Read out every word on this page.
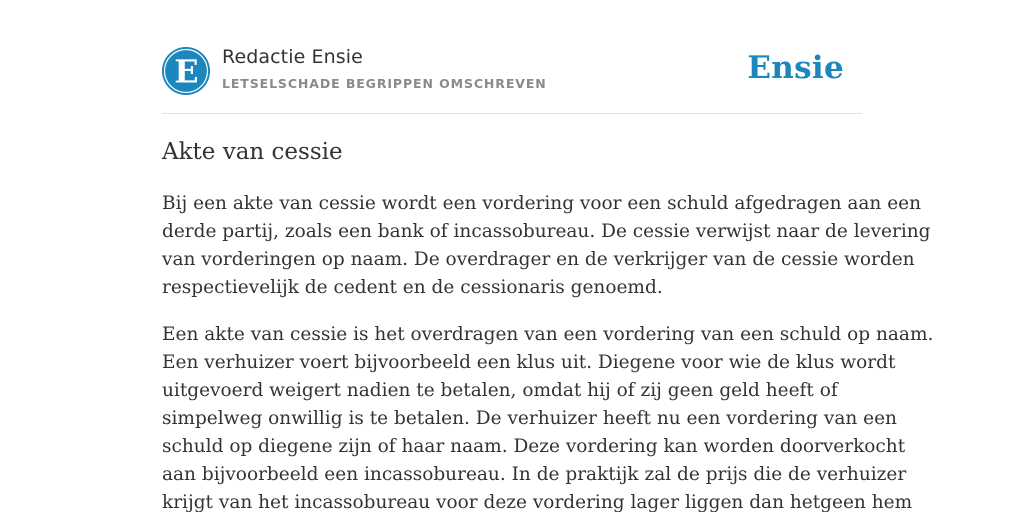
E Redactie Ensie
LETSELSCHADE BEGRIPPEN OMSCHREVEN	Ensie
Akte van cessie

Bij een akte van cessie wordt een vordering voor een schuld afgedragen aan een
derde partij, zoals een bank of incassobureau. De cessie verwijst naar de levering
van vorderingen op naam. De overdrager en de verkrijger van de cessie worden
respectievelijk de cedent en de cessionaris genoemd.

Een akte van cessie is het overdragen van een vordering van een schuld op naam.
Een verhuizer voert bijvoorbeeld een klus uit. Diegene voor wie de klus wordt
uitgevoerd weigert nadien te betalen, omdat hij of zij geen geld heeft of
simpelweg onwillig is te betalen. De verhuizer heeft nu een vordering van een
schuld op diegene zijn of haar naam. Deze vordering kan worden doorverkocht
aan bijvoorbeeld een incassobureau. In de praktijk zal de prijs die de verhuizer
krijgt van het incassobureau voor deze vordering lager liggen dan hetgeen hem
